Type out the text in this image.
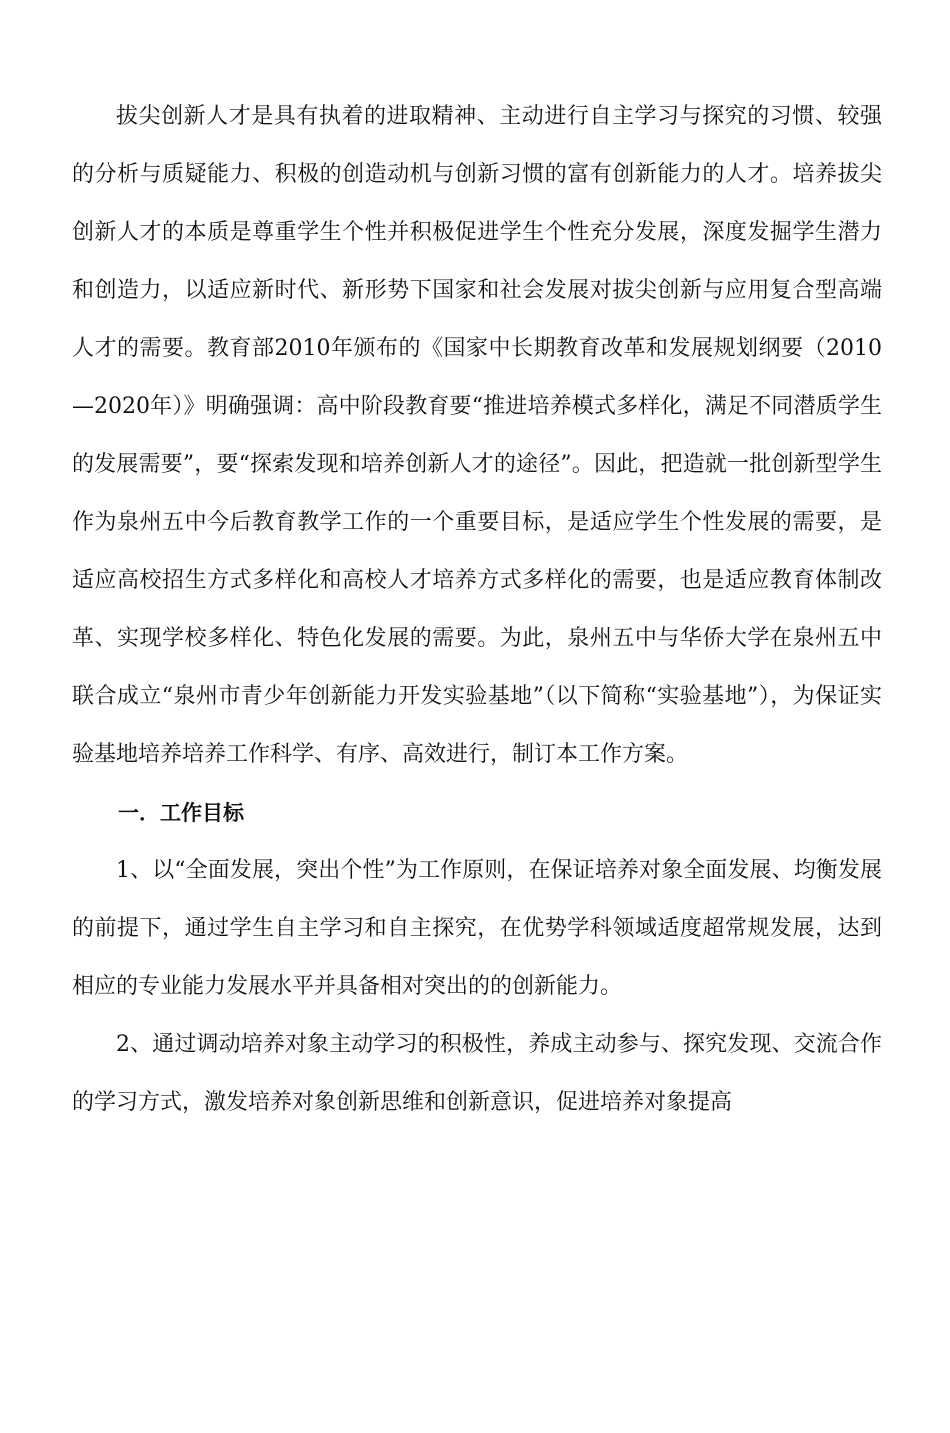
拔尖创新人才是具有执着的进取精神、主动进行自主学习与探究的习惯、较强的分析与质疑能力、积极的创造动机与创新习惯的富有创新能力的人才。培养拔尖创新人才的本质是尊重学生个性并积极促进学生个性充分发展，深度发掘学生潜力和创造力，以适应新时代、新形势下国家和社会发展对拔尖创新与应用复合型高端人才的需要。教育部2010年颁布的《国家中长期教育改革和发展规划纲要（2010—2020年）》明确强调：高中阶段教育要“推进培养模式多样化，满足不同潜质学生的发展需要”，要“探索发现和培养创新人才的途径”。因此，把造就一批创新型学生作为泉州五中今后教育教学工作的一个重要目标，是适应学生个性发展的需要，是适应高校招生方式多样化和高校人才培养方式多样化的需要，也是适应教育体制改革、实现学校多样化、特色化发展的需要。为此，泉州五中与华侨大学在泉州五中联合成立“泉州市青少年创新能力开发实验基地”（以下简称“实验基地”），为保证实验基地培养培养工作科学、有序、高效进行，制订本工作方案。

一．工作目标

1、以“全面发展，突出个性”为工作原则，在保证培养对象全面发展、均衡发展的前提下，通过学生自主学习和自主探究，在优势学科领域适度超常规发展，达到相应的专业能力发展水平并具备相对突出的的创新能力。

2、通过调动培养对象主动学习的积极性，养成主动参与、探究发现、交流合作的学习方式，激发培养对象创新思维和创新意识，促进培养对象提高
